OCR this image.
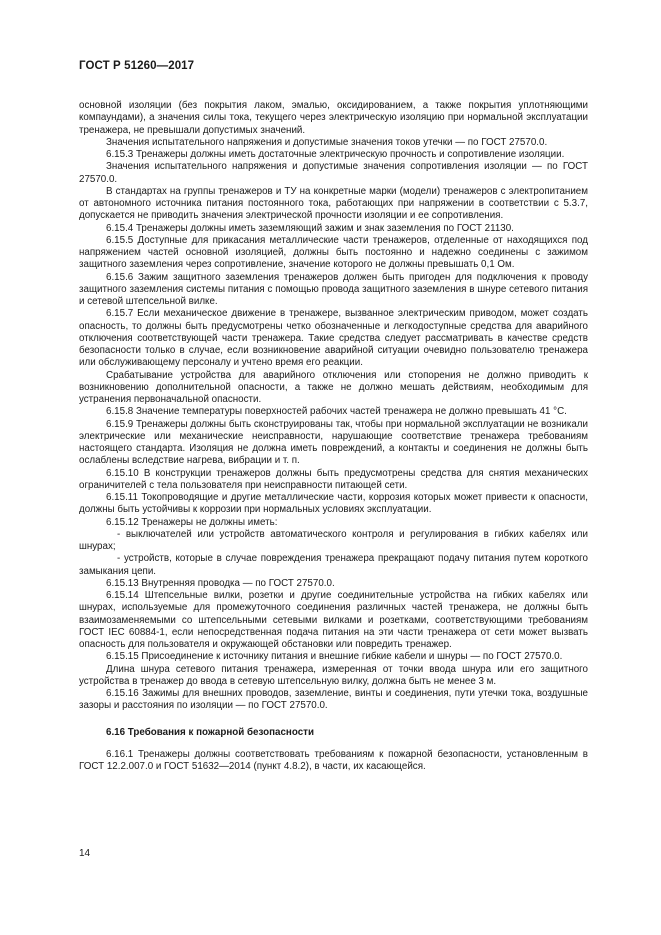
ГОСТ Р 51260—2017

основной изоляции (без покрытия лаком, эмалью, оксидированием, а также покрытия уплотняющими компаундами), а значения силы тока, текущего через электрическую изоляцию при нормальной эксплуатации тренажера, не превышали допустимых значений.

Значения испытательного напряжения и допустимые значения токов утечки — по ГОСТ 27570.0.

6.15.3 Тренажеры должны иметь достаточные электрическую прочность и сопротивление изоляции.

Значения испытательного напряжения и допустимые значения сопротивления изоляции — по ГОСТ 27570.0.

В стандартах на группы тренажеров и ТУ на конкретные марки (модели) тренажеров с электропитанием от автономного источника питания постоянного тока, работающих при напряжении в соответствии с 5.3.7, допускается не приводить значения электрической прочности изоляции и ее сопротивления.

6.15.4 Тренажеры должны иметь заземляющий зажим и знак заземления по ГОСТ 21130.

6.15.5 Доступные для прикасания металлические части тренажеров, отделенные от находящихся под напряжением частей основной изоляцией, должны быть постоянно и надежно соединены с зажимом защитного заземления через сопротивление, значение которого не должны превышать 0,1 Ом.

6.15.6 Зажим защитного заземления тренажеров должен быть пригоден для подключения к проводу защитного заземления системы питания с помощью провода защитного заземления в шнуре сетевого питания и сетевой штепсельной вилке.

6.15.7 Если механическое движение в тренажере, вызванное электрическим приводом, может создать опасность, то должны быть предусмотрены четко обозначенные и легкодоступные средства для аварийного отключения соответствующей части тренажера. Такие средства следует рассматривать в качестве средств безопасности только в случае, если возникновение аварийной ситуации очевидно пользователю тренажера или обслуживающему персоналу и учтено время его реакции.

Срабатывание устройства для аварийного отключения или стопорения не должно приводить к возникновению дополнительной опасности, а также не должно мешать действиям, необходимым для устранения первоначальной опасности.

6.15.8 Значение температуры поверхностей рабочих частей тренажера не должно превышать 41 °С.

6.15.9 Тренажеры должны быть сконструированы так, чтобы при нормальной эксплуатации не возникали электрические или механические неисправности, нарушающие соответствие тренажера требованиям настоящего стандарта. Изоляция не должна иметь повреждений, а контакты и соединения не должны быть ослаблены вследствие нагрева, вибрации и т. п.

6.15.10 В конструкции тренажеров должны быть предусмотрены средства для снятия механических ограничителей с тела пользователя при неисправности питающей сети.

6.15.11 Токопроводящие и другие металлические части, коррозия которых может привести к опасности, должны быть устойчивы к коррозии при нормальных условиях эксплуатации.

6.15.12 Тренажеры не должны иметь:

- выключателей или устройств автоматического контроля и регулирования в гибких кабелях или шнурах;

- устройств, которые в случае повреждения тренажера прекращают подачу питания путем короткого замыкания цепи.

6.15.13 Внутренняя проводка — по ГОСТ 27570.0.

6.15.14 Штепсельные вилки, розетки и другие соединительные устройства на гибких кабелях или шнурах, используемые для промежуточного соединения различных частей тренажера, не должны быть взаимозаменяемыми со штепсельными сетевыми вилками и розетками, соответствующими требованиям ГОСТ IEC 60884-1, если непосредственная подача питания на эти части тренажера от сети может вызвать опасность для пользователя и окружающей обстановки или повредить тренажер.

6.15.15 Присоединение к источнику питания и внешние гибкие кабели и шнуры — по ГОСТ 27570.0.

Длина шнура сетевого питания тренажера, измеренная от точки ввода шнура или его защитного устройства в тренажер до ввода в сетевую штепсельную вилку, должна быть не менее 3 м.

6.15.16 Зажимы для внешних проводов, заземление, винты и соединения, пути утечки тока, воздушные зазоры и расстояния по изоляции — по ГОСТ 27570.0.

6.16 Требования к пожарной безопасности

6.16.1 Тренажеры должны соответствовать требованиям к пожарной безопасности, установленным в ГОСТ 12.2.007.0 и ГОСТ 51632—2014 (пункт 4.8.2), в части, их касающейся.

14
